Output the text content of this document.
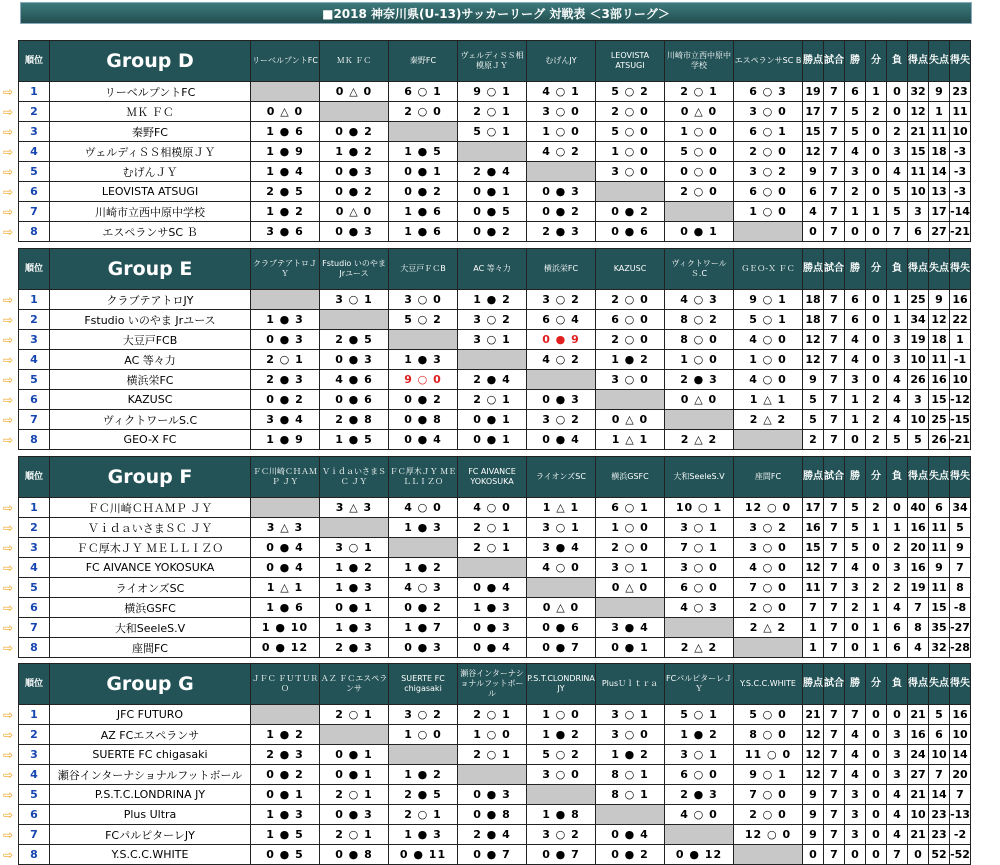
■2018 神奈川県(U-13)サッカーリーグ 対戦表 ＜3部リーグ＞
⇨
⇨
⇨
⇨
⇨
⇨
⇨
⇨
順位	Group D	リーベルプントFC	ＭＫ ＦＣ	秦野FC	ヴェルディＳＳ相模原ＪＹ	むげんJY	LEOVISTA ATSUGI	川崎市立西中原中学校	エスペランサSC B	勝点	試合	勝	分	負	得点	失点	得失
1	リーベルプントFC		0 △ 0	6 ○ 1	9 ○ 1	4 ○ 1	5 ○ 2	2 ○ 1	6 ○ 3	19	7	6	1	0	32	9	23
2	ＭＫ ＦＣ	0 △ 0		2 ○ 0	2 ○ 1	3 ○ 0	2 ○ 0	0 △ 0	3 ○ 0	17	7	5	2	0	12	1	11
3	秦野FC	1 ● 6	0 ● 2		5 ○ 1	1 ○ 0	5 ○ 0	1 ○ 0	6 ○ 1	15	7	5	0	2	21	11	10
4	ヴェルディＳＳ相模原ＪＹ	1 ● 9	1 ● 2	1 ● 5		4 ○ 2	1 ○ 0	5 ○ 0	2 ○ 0	12	7	4	0	3	15	18	-3
5	むげんＪＹ	1 ● 4	0 ● 3	0 ● 1	2 ● 4		3 ○ 0	0 ○ 0	3 ○ 2	9	7	3	0	4	11	14	-3
6	LEOVISTA ATSUGI	2 ● 5	0 ● 2	0 ● 2	0 ● 1	0 ● 3		2 ○ 0	6 ○ 0	6	7	2	0	5	10	13	-3
7	川崎市立西中原中学校	1 ● 2	0 △ 0	1 ● 6	0 ● 5	0 ● 2	0 ● 2		1 ○ 0	4	7	1	1	5	3	17	-14
8	エスペランサSC Ｂ	3 ● 6	0 ● 3	1 ● 6	0 ● 2	2 ● 3	0 ● 6	0 ● 1		0	7	0	0	7	6	27	-21
⇨
⇨
⇨
⇨
⇨
⇨
⇨
⇨
順位	Group E	クラブテアトロＪＹ	Fstudio いのやま Jrユース	大豆戸ＦＣB	AC 等々力	横浜栄FC	KAZUSC	ヴィクトワールＳ.C	ＧＥＯ-Ｘ ＦＣ	勝点	試合	勝	分	負	得点	失点	得失
1	クラブテアトロJY		3 ○ 1	3 ○ 0	1 ● 2	3 ○ 2	2 ○ 0	4 ○ 3	9 ○ 1	18	7	6	0	1	25	9	16
2	Fstudio いのやま Jrユース	1 ● 3		5 ○ 2	3 ○ 2	6 ○ 4	6 ○ 0	8 ○ 2	5 ○ 1	18	7	6	0	1	34	12	22
3	大豆戸FCB	0 ● 3	2 ● 5		3 ○ 1	0 ● 9	2 ○ 0	8 ○ 0	4 ○ 0	12	7	4	0	3	19	18	1
4	AC 等々力	2 ○ 1	0 ● 3	1 ● 3		4 ○ 2	1 ● 2	1 ○ 0	1 ○ 0	12	7	4	0	3	10	11	-1
5	横浜栄FC	2 ● 3	4 ● 6	9 ○ 0	2 ● 4		3 ○ 0	2 ● 3	4 ○ 0	9	7	3	0	4	26	16	10
6	KAZUSC	0 ● 2	0 ● 6	0 ● 2	2 ○ 1	0 ● 3		0 △ 0	1 △ 1	5	7	1	2	4	3	15	-12
7	ヴィクトワールS.C	3 ● 4	2 ● 8	0 ● 8	0 ● 1	3 ○ 2	0 △ 0		2 △ 2	5	7	1	2	4	10	25	-15
8	GEO-X FC	1 ● 9	1 ● 5	0 ● 4	0 ● 1	0 ● 4	1 △ 1	2 △ 2		2	7	0	2	5	5	26	-21
⇨
⇨
⇨
⇨
⇨
⇨
⇨
⇨
順位	Group F	ＦＣ川崎ＣＨＡＭＰ ＪＹ	ＶｉｄａいさまＳＣ ＪＹ	ＦＣ厚木ＪＹ ＭＥＬＬＩＺＯ	FC AIVANCE YOKOSUKA	ライオンズSC	横浜GSFC	大和SeeleS.V	座間FC	勝点	試合	勝	分	負	得点	失点	得失
1	ＦＣ川崎ＣＨＡＭＰ ＪＹ		3 △ 3	4 ○ 0	4 ○ 0	1 △ 1	6 ○ 1	10 ○ 1	12 ○ 0	17	7	5	2	0	40	6	34
2	ＶｉｄａいさまＳＣ ＪＹ	3 △ 3		1 ● 3	2 ○ 1	3 ○ 1	1 ○ 0	3 ○ 1	3 ○ 2	16	7	5	1	1	16	11	5
3	ＦＣ厚木ＪＹ ＭＥＬＬＩＺＯ	0 ● 4	3 ○ 1		2 ○ 1	3 ● 4	2 ○ 0	7 ○ 1	3 ○ 0	15	7	5	0	2	20	11	9
4	FC AIVANCE YOKOSUKA	0 ● 4	1 ● 2	1 ● 2		4 ○ 0	3 ○ 1	3 ○ 0	4 ○ 0	12	7	4	0	3	16	9	7
5	ライオンズSC	1 △ 1	1 ● 3	4 ○ 3	0 ● 4		0 △ 0	6 ○ 0	7 ○ 0	11	7	3	2	2	19	11	8
6	横浜GSFC	1 ● 6	0 ● 1	0 ● 2	1 ● 3	0 △ 0		4 ○ 3	2 ○ 0	7	7	2	1	4	7	15	-8
7	大和SeeleS.V	1 ● 10	1 ● 3	1 ● 7	0 ● 3	0 ● 6	3 ● 4		2 △ 2	1	7	0	1	6	8	35	-27
8	座間FC	0 ● 12	2 ● 3	0 ● 3	0 ● 4	0 ● 7	0 ● 1	2 △ 2		1	7	0	1	6	4	32	-28
⇨
⇨
⇨
⇨
⇨
⇨
⇨
⇨
順位	Group G	ＪＦＣ ＦＵＴＵＲＯ	ＡＺ ＦＣエスペランサ	SUERTE FC chigasaki	瀬谷インターナショナルフットボール	P.S.T.CLONDRINA JY	PlusＵｌｔｒａ	FCパルピターレＪＹ	Y.S.C.C.WHITE	勝点	試合	勝	分	負	得点	失点	得失
1	JFC FUTURO		2 ○ 1	3 ○ 2	2 ○ 1	1 ○ 0	3 ○ 1	5 ○ 1	5 ○ 0	21	7	7	0	0	21	5	16
2	AZ FCエスペランサ	1 ● 2		1 ○ 0	1 ○ 0	1 ● 2	3 ○ 0	1 ● 2	8 ○ 0	12	7	4	0	3	16	6	10
3	SUERTE FC chigasaki	2 ● 3	0 ● 1		2 ○ 1	5 ○ 2	1 ● 2	3 ○ 1	11 ○ 0	12	7	4	0	3	24	10	14
4	瀬谷インターナショナルフットボール	0 ● 2	0 ● 1	1 ● 2		3 ○ 0	8 ○ 1	6 ○ 0	9 ○ 1	12	7	4	0	3	27	7	20
5	P.S.T.C.LONDRINA JY	0 ● 1	2 ○ 1	2 ● 5	0 ● 3		8 ○ 1	2 ● 3	7 ○ 0	9	7	3	0	4	21	14	7
6	Plus Ultra	1 ● 3	0 ● 3	2 ○ 1	0 ● 8	1 ● 8		4 ○ 0	2 ○ 0	9	7	3	0	4	10	23	-13
7	FCパルピターレJY	1 ● 5	2 ○ 1	1 ● 3	2 ● 4	3 ○ 2	0 ● 4		12 ○ 0	9	7	3	0	4	21	23	-2
8	Y.S.C.C.WHITE	0 ● 5	0 ● 8	0 ● 11	0 ● 7	0 ● 7	0 ● 2	0 ● 12		0	7	0	0	7	0	52	-52
